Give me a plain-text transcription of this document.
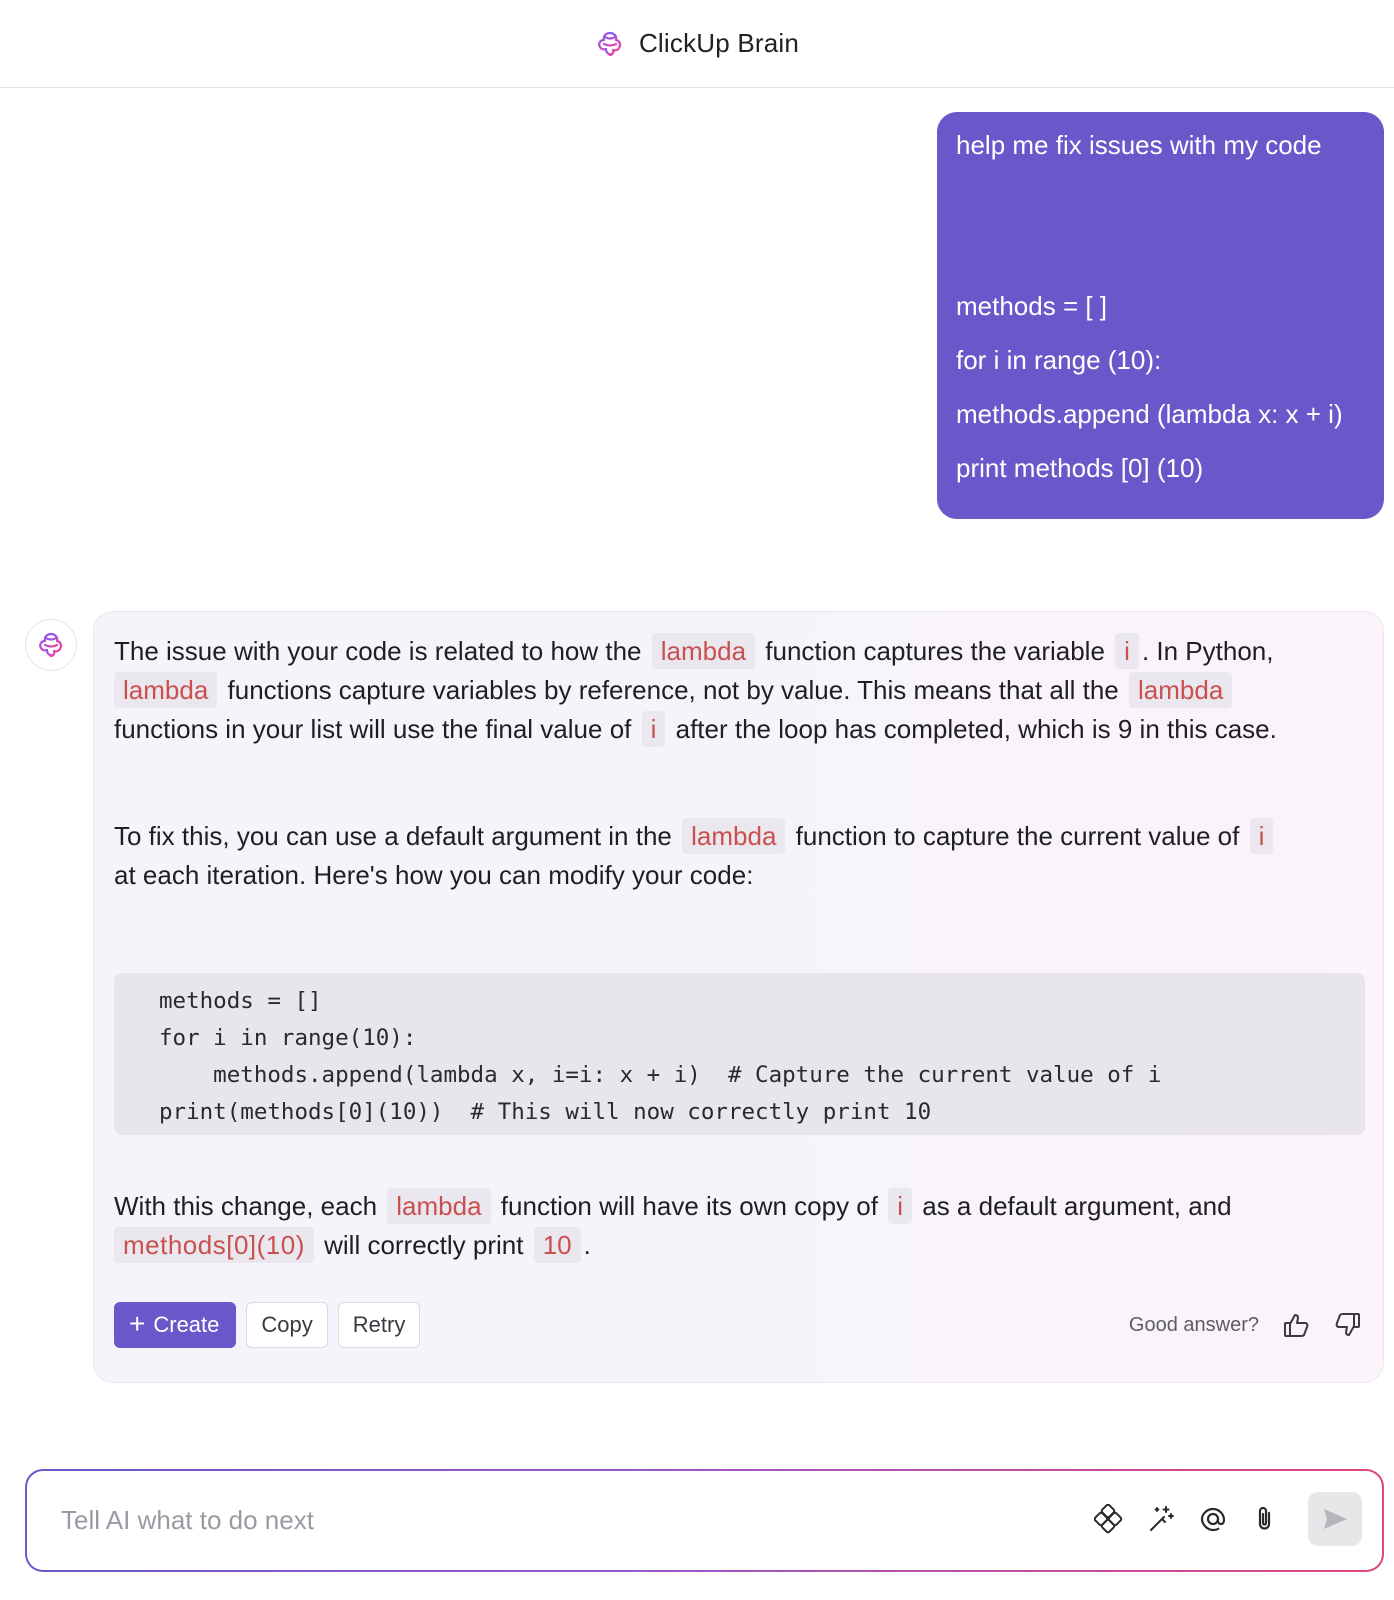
ClickUp Brain
help me fix issues with my code
methods = [ ]
for i in range (10):
methods.append (lambda x: x + i)
print methods [0] (10)
The issue with your code is related to how the lambda function captures the variable i . In Python,
lambda functions capture variables by reference, not by value. This means that all the lambda
functions in your list will use the final value of i after the loop has completed, which is 9 in this case.
To fix this, you can use a default argument in the lambda function to capture the current value of i
at each iteration. Here's how you can modify your code:
methods = []
for i in range(10):
methods.append(lambda x, i=i: x + i)  # Capture the current value of i
print(methods[0](10))  # This will now correctly print 10
With this change, each lambda function will have its own copy of i as a default argument, and
methods[0](10) will correctly print 10 .
+ Create Copy Retry	Good answer?
Tell AI what to do next
